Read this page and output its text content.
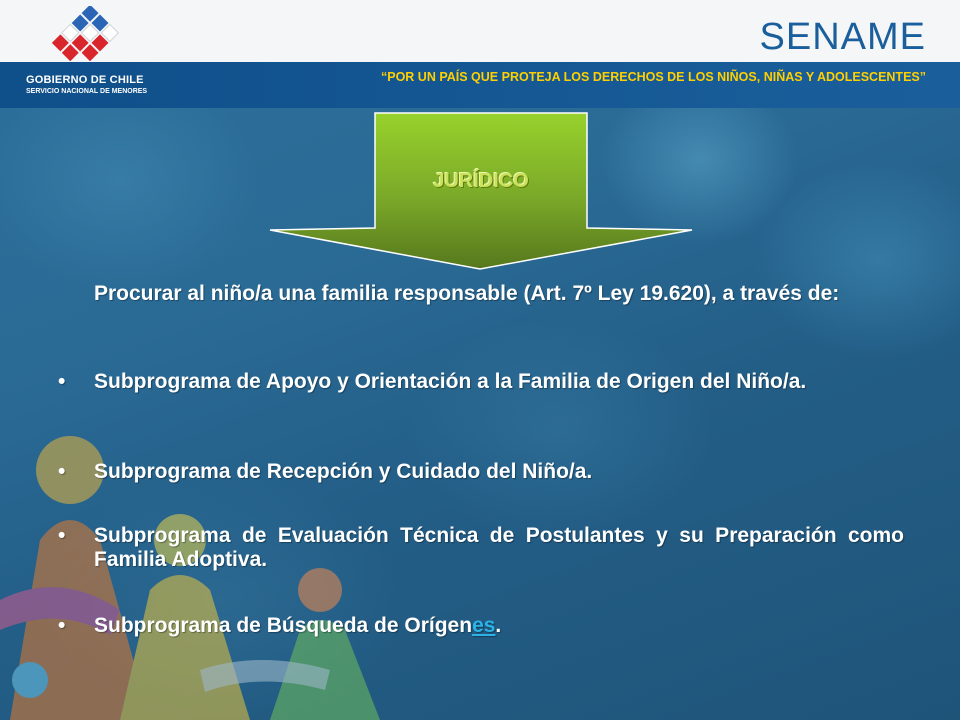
GOBIERNO DE CHILE
SERVICIO NACIONAL DE MENORES
SENAME
“POR UN PAÍS QUE PROTEJA LOS DERECHOS DE LOS NIÑOS, NIÑAS Y ADOLESCENTES”
JURÍDICO
Procurar al niño/a una familia responsable (Art. 7º Ley 19.620), a través de:
•	Subprograma de Apoyo y Orientación a la Familia de Origen del Niño/a.
•	Subprograma de Recepción y Cuidado del Niño/a.
•	Subprograma de Evaluación Técnica de Postulantes y su Preparación como Familia Adoptiva.
•	Subprograma de Búsqueda de Orígenes.
